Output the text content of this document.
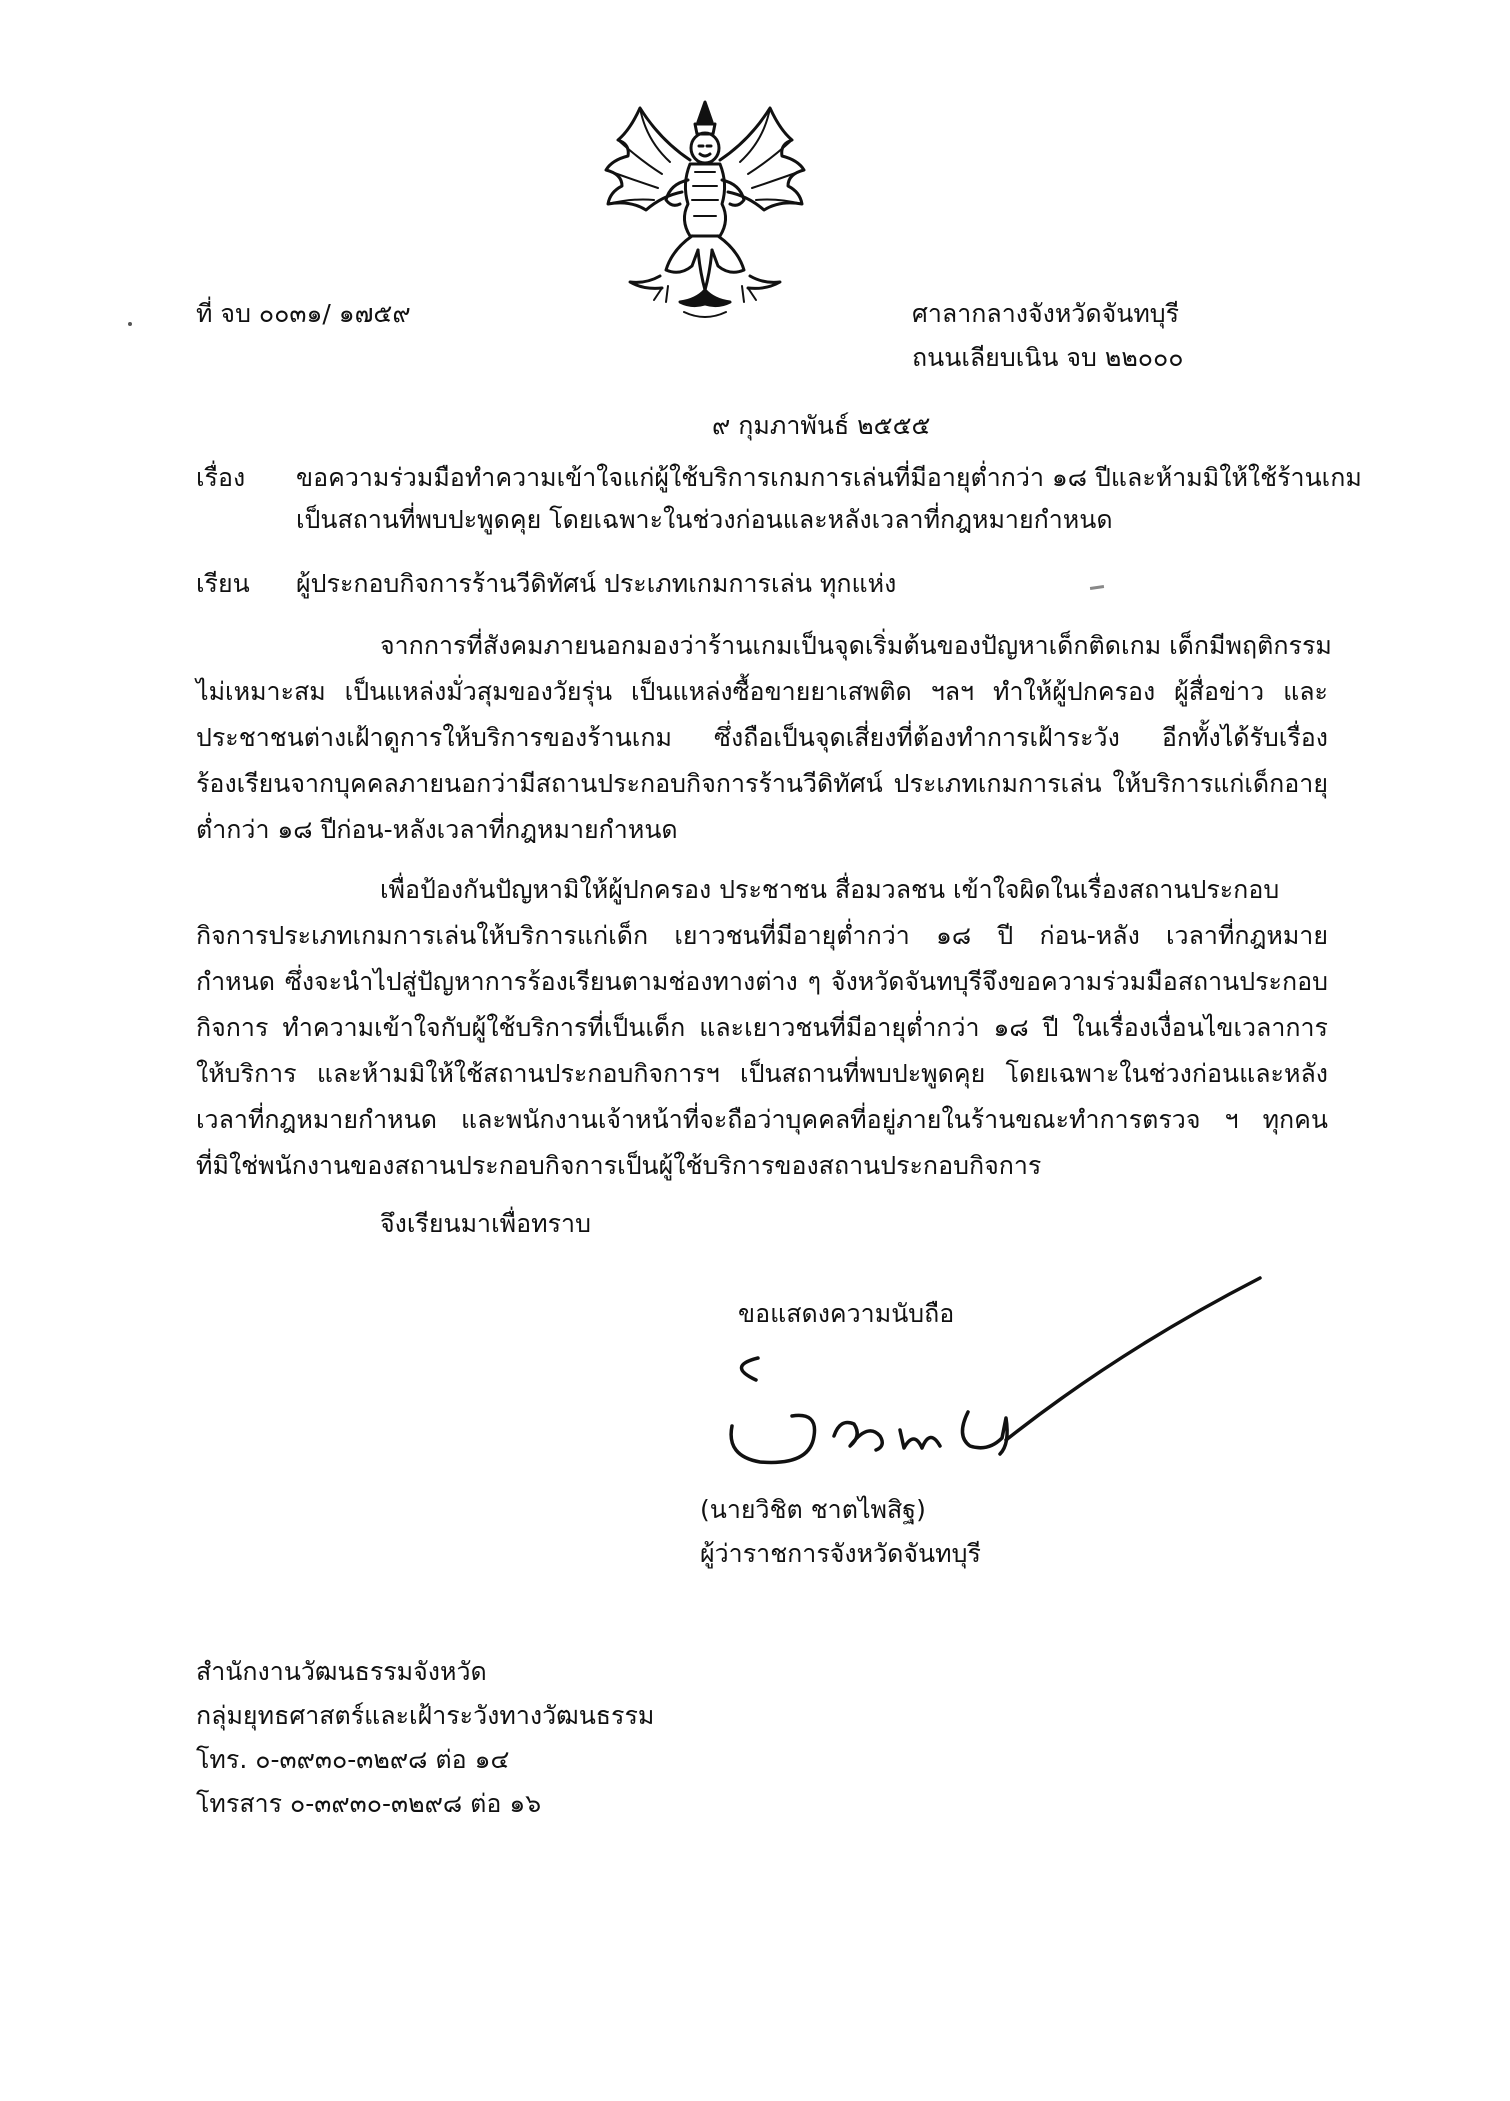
ที่ จบ ๐๐๓๑/ ๑๗๕๙	ศาลากลางจังหวัดจันทบุรี
ถนนเลียบเนิน จบ ๒๒๐๐๐
๙ กุมภาพันธ์ ๒๕๕๕
เรื่อง ขอความร่วมมือทำความเข้าใจแก่ผู้ใช้บริการเกมการเล่นที่มีอายุต่ำกว่า ๑๘ ปีและห้ามมิให้ใช้ร้านเกม
เป็นสถานที่พบปะพูดคุย โดยเฉพาะในช่วงก่อนและหลังเวลาที่กฎหมายกำหนด
เรียน ผู้ประกอบกิจการร้านวีดิทัศน์ ประเภทเกมการเล่น ทุกแห่ง
จากการที่สังคมภายนอกมองว่าร้านเกมเป็นจุดเริ่มต้นของปัญหาเด็กติดเกม เด็กมีพฤติกรรม
ไม่เหมาะสม เป็นแหล่งมั่วสุมของวัยรุ่น เป็นแหล่งซื้อขายยาเสพติด ฯลฯ ทำให้ผู้ปกครอง ผู้สื่อข่าว และ
ประชาชนต่างเฝ้าดูการให้บริการของร้านเกม ซึ่งถือเป็นจุดเสี่ยงที่ต้องทำการเฝ้าระวัง อีกทั้งได้รับเรื่อง
ร้องเรียนจากบุคคลภายนอกว่ามีสถานประกอบกิจการร้านวีดิทัศน์ ประเภทเกมการเล่น ให้บริการแก่เด็กอายุ
ต่ำกว่า ๑๘ ปีก่อน-หลังเวลาที่กฎหมายกำหนด
เพื่อป้องกันปัญหามิให้ผู้ปกครอง ประชาชน สื่อมวลชน เข้าใจผิดในเรื่องสถานประกอบ
กิจการประเภทเกมการเล่นให้บริการแก่เด็ก เยาวชนที่มีอายุต่ำกว่า ๑๘ ปี ก่อน-หลัง เวลาที่กฎหมาย
กำหนด ซึ่งจะนำไปสู่ปัญหาการร้องเรียนตามช่องทางต่าง ๆ จังหวัดจันทบุรีจึงขอความร่วมมือสถานประกอบ
กิจการ ทำความเข้าใจกับผู้ใช้บริการที่เป็นเด็ก และเยาวชนที่มีอายุต่ำกว่า ๑๘ ปี ในเรื่องเงื่อนไขเวลาการ
ให้บริการ และห้ามมิให้ใช้สถานประกอบกิจการฯ เป็นสถานที่พบปะพูดคุย โดยเฉพาะในช่วงก่อนและหลัง
เวลาที่กฎหมายกำหนด และพนักงานเจ้าหน้าที่จะถือว่าบุคคลที่อยู่ภายในร้านขณะทำการตรวจ ฯ ทุกคน
ที่มิใช่พนักงานของสถานประกอบกิจการเป็นผู้ใช้บริการของสถานประกอบกิจการ
จึงเรียนมาเพื่อทราบ
ขอแสดงความนับถือ
(นายวิชิต ชาตไพสิฐ)
ผู้ว่าราชการจังหวัดจันทบุรี
สำนักงานวัฒนธรรมจังหวัด
กลุ่มยุทธศาสตร์และเฝ้าระวังทางวัฒนธรรม
โทร. ๐-๓๙๓๐-๓๒๙๘ ต่อ ๑๔
โทรสาร ๐-๓๙๓๐-๓๒๙๘ ต่อ ๑๖
